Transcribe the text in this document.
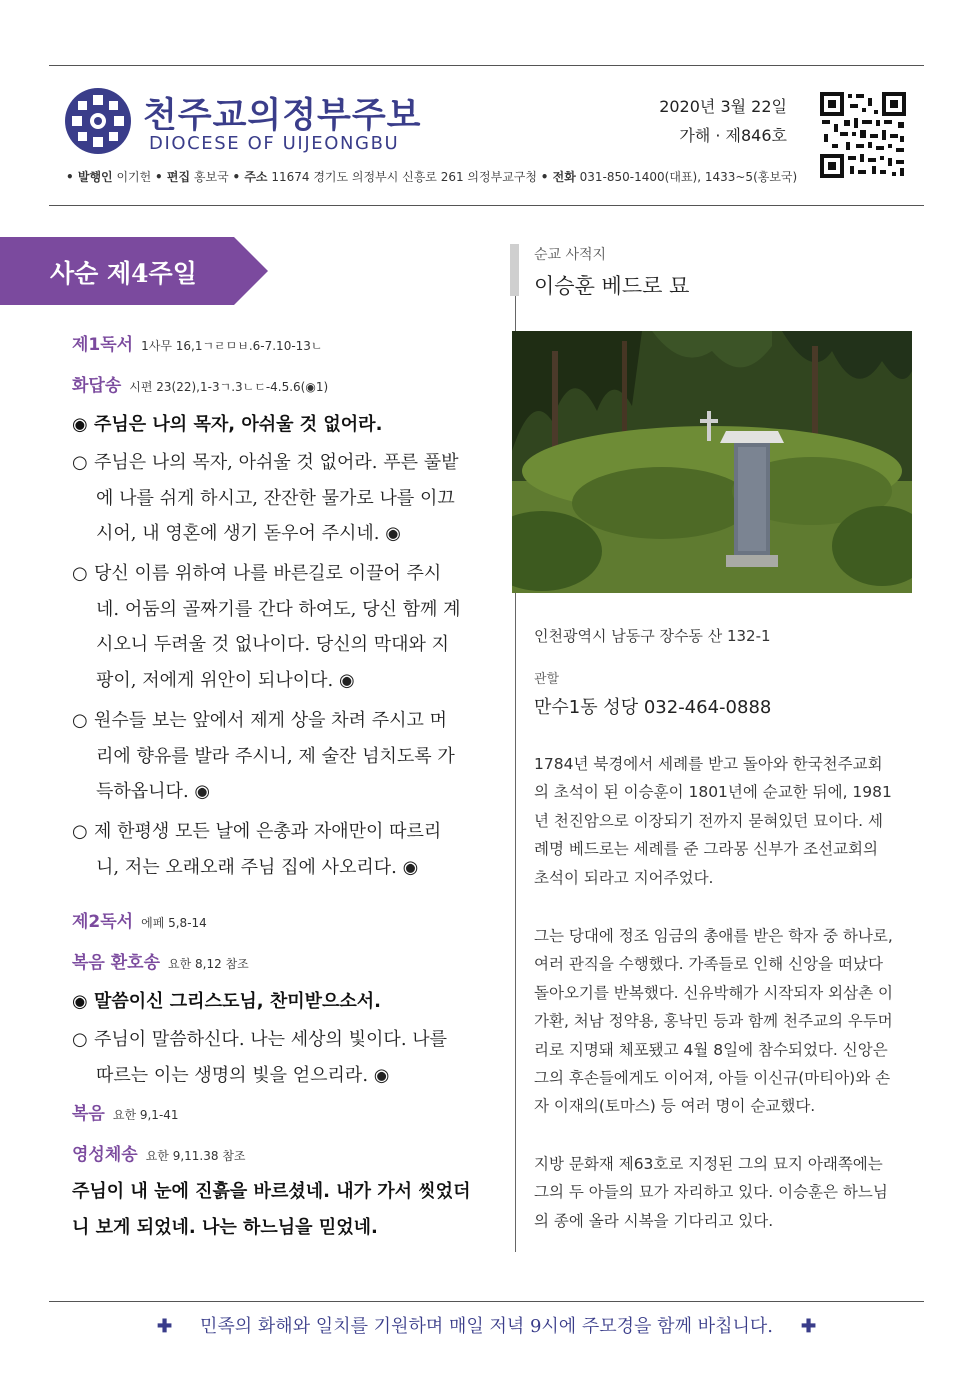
천주교의정부주보
DIOCESE OF UIJEONGBU
2020년 3월 22일
가해 · 제846호
• 발행인 이기헌 • 편집 홍보국 • 주소 11674 경기도 의정부시 신흥로 261 의정부교구청 • 전화 031-850-1400(대표), 1433~5(홍보국)
사순 제4주일
제1독서 1사무 16,1ㄱㄹㅁㅂ.6-7.10-13ㄴ
화답송 시편 23(22),1-3ㄱ.3ㄴㄷ-4.5.6(◉1)
◉ 주님은 나의 목자, 아쉬울 것 없어라.
○ 주님은 나의 목자, 아쉬울 것 없어라. 푸른 풀밭
에 나를 쉬게 하시고, 잔잔한 물가로 나를 이끄
시어, 내 영혼에 생기 돋우어 주시네. ◉
○ 당신 이름 위하여 나를 바른길로 이끌어 주시
네. 어둠의 골짜기를 간다 하여도, 당신 함께 계
시오니 두려울 것 없나이다. 당신의 막대와 지
팡이, 저에게 위안이 되나이다. ◉
○ 원수들 보는 앞에서 제게 상을 차려 주시고 머
리에 향유를 발라 주시니, 제 술잔 넘치도록 가
득하옵니다. ◉
○ 제 한평생 모든 날에 은총과 자애만이 따르리
니, 저는 오래오래 주님 집에 사오리다. ◉
제2독서 에페 5,8-14
복음 환호송 요한 8,12 참조
◉ 말씀이신 그리스도님, 찬미받으소서.
○ 주님이 말씀하신다. 나는 세상의 빛이다. 나를
따르는 이는 생명의 빛을 얻으리라. ◉
복음 요한 9,1-41
영성체송 요한 9,11.38 참조
주님이 내 눈에 진흙을 바르셨네. 내가 가서 씻었더
니 보게 되었네. 나는 하느님을 믿었네.
순교 사적지
이승훈 베드로 묘
인천광역시 남동구 장수동 산 132-1
관할
만수1동 성당 032-464-0888
1784년 북경에서 세례를 받고 돌아와 한국천주교회
의 초석이 된 이승훈이 1801년에 순교한 뒤에, 1981
년 천진암으로 이장되기 전까지 묻혀있던 묘이다. 세
례명 베드로는 세례를 준 그라몽 신부가 조선교회의
초석이 되라고 지어주었다.
그는 당대에 정조 임금의 총애를 받은 학자 중 하나로,
여러 관직을 수행했다. 가족들로 인해 신앙을 떠났다
돌아오기를 반복했다. 신유박해가 시작되자 외삼촌 이
가환, 처남 정약용, 홍낙민 등과 함께 천주교의 우두머
리로 지명돼 체포됐고 4월 8일에 참수되었다. 신앙은
그의 후손들에게도 이어져, 아들 이신규(마티아)와 손
자 이재의(토마스) 등 여러 명이 순교했다.
지방 문화재 제63호로 지정된 그의 묘지 아래쪽에는
그의 두 아들의 묘가 자리하고 있다. 이승훈은 하느님
의 종에 올라 시복을 기다리고 있다.
✚ 민족의 화해와 일치를 기원하며 매일 저녁 9시에 주모경을 함께 바칩니다. ✚
